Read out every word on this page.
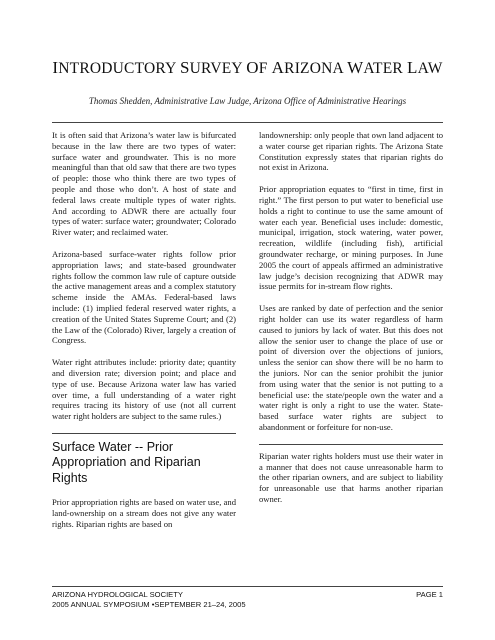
INTRODUCTORY SURVEY OF ARIZONA WATER LAW
Thomas Shedden, Administrative Law Judge, Arizona Office of Administrative Hearings

It is often said that Arizona’s water law is bifurcated because in the law there are two types of water: surface water and groundwater. This is no more meaningful than that old saw that there are two types of people: those who think there are two types of people and those who don’t. A host of state and federal laws create multiple types of water rights. And according to ADWR there are actually four types of water: surface water; groundwater; Colorado River water; and reclaimed water.

Arizona-based surface-water rights follow prior appropriation laws; and state-based groundwater rights follow the common law rule of capture outside the active management areas and a complex statutory scheme inside the AMAs. Federal-based laws include: (1) implied federal reserved water rights, a creation of the United States Supreme Court; and (2) the Law of the (Colorado) River, largely a creation of Congress.

Water right attributes include: priority date; quantity and diversion rate; diversion point; and place and type of use. Because Arizona water law has varied over time, a full understanding of a water right requires tracing its history of use (not all current water right holders are subject to the same rules.)

Surface Water -- Prior Appropriation and Riparian Rights

Prior appropriation rights are based on water use, and land-ownership on a stream does not give any water rights. Riparian rights are based on

landownership: only people that own land adjacent to a water course get riparian rights. The Arizona State Constitution expressly states that riparian rights do not exist in Arizona.

Prior appropriation equates to “first in time, first in right.” The first person to put water to beneficial use holds a right to continue to use the same amount of water each year. Beneficial uses include: domestic, municipal, irrigation, stock watering, water power, recreation, wildlife (including fish), artificial groundwater recharge, or mining purposes. In June 2005 the court of appeals affirmed an administrative law judge’s decision recognizing that ADWR may issue permits for in-stream flow rights.

Uses are ranked by date of perfection and the senior right holder can use its water regardless of harm caused to juniors by lack of water. But this does not allow the senior user to change the place of use or point of diversion over the objections of juniors, unless the senior can show there will be no harm to the juniors. Nor can the senior prohibit the junior from using water that the senior is not putting to a beneficial use: the state/people own the water and a water right is only a right to use the water. State-based surface water rights are subject to abandonment or forfeiture for non-use.

Riparian water rights holders must use their water in a manner that does not cause unreasonable harm to the other riparian owners, and are subject to liability for unreasonable use that harms another riparian owner.

ARIZONA HYDROLOGICAL SOCIETY	PAGE 1
2005 ANNUAL SYMPOSIUM •SEPTEMBER 21–24, 2005
